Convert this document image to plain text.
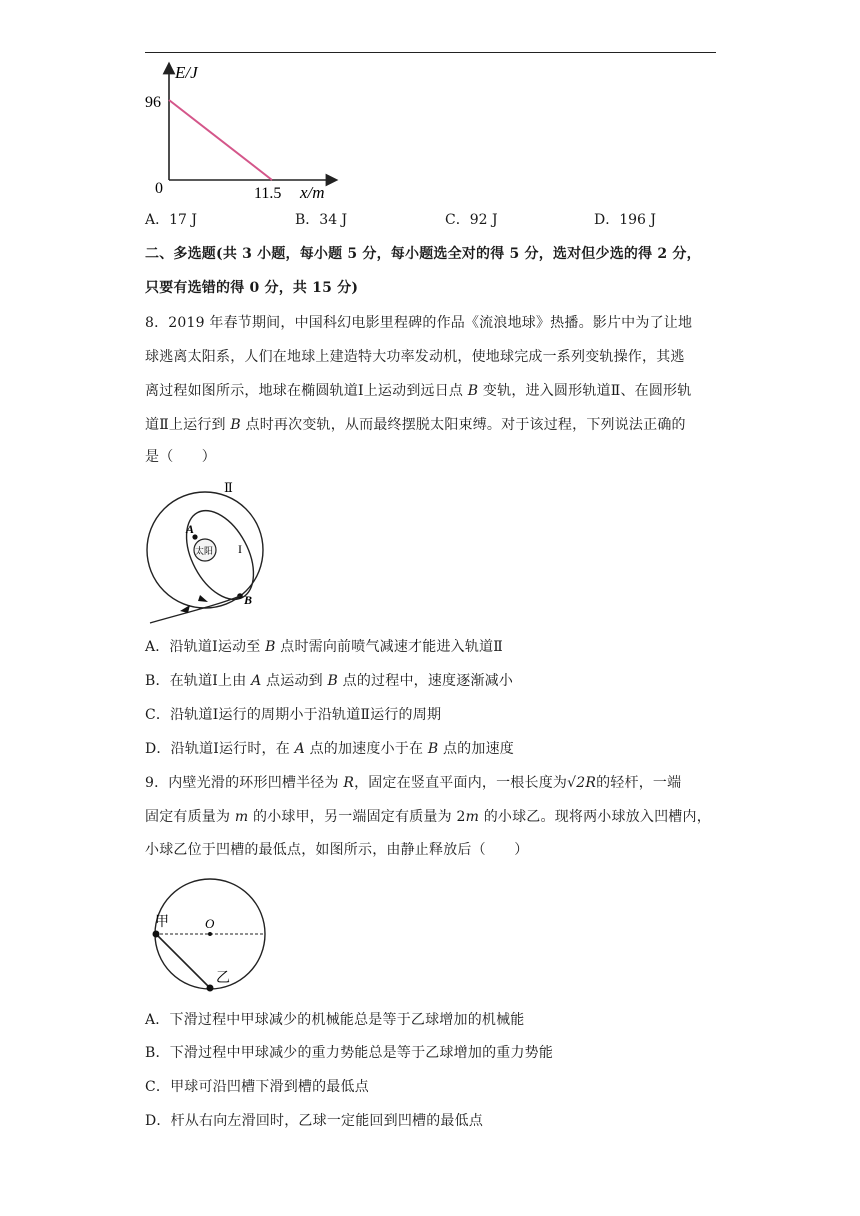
E/J
96
0	11.5 x/m
A．17 J	B．34 J	C．92 J	D．196 J
二、多选题(共 3 小题，每小题 5 分，每小题选全对的得 5 分，选对但少选的得 2 分，
只要有选错的得 0 分，共 15 分)
8．2019 年春节期间，中国科幻电影里程碑的作品《流浪地球》热播。影片中为了让地
球逃离太阳系，人们在地球上建造特大功率发动机，使地球完成一系列变轨操作，其逃
离过程如图所示，地球在椭圆轨道Ⅰ上运动到远日点 B 变轨，进入圆形轨道Ⅱ、在圆形轨
道Ⅱ上运行到 B 点时再次变轨，从而最终摆脱太阳束缚。对于该过程，下列说法正确的
是（　　）
太阳
Ⅱ
I
A
B
A．沿轨道Ⅰ运动至 B 点时需向前喷气减速才能进入轨道Ⅱ
B．在轨道Ⅰ上由 A 点运动到 B 点的过程中，速度逐渐减小
C．沿轨道Ⅰ运行的周期小于沿轨道Ⅱ运行的周期
D．沿轨道Ⅰ运行时，在 A 点的加速度小于在 B 点的加速度
9．内壁光滑的环形凹槽半径为 R，固定在竖直平面内，一根长度为√2R的轻杆，一端
固定有质量为 m 的小球甲，另一端固定有质量为 2m 的小球乙。现将两小球放入凹槽内，
小球乙位于凹槽的最低点，如图所示，由静止释放后（　　）
甲	O
乙
A．下滑过程中甲球减少的机械能总是等于乙球增加的机械能
B．下滑过程中甲球减少的重力势能总是等于乙球增加的重力势能
C．甲球可沿凹槽下滑到槽的最低点
D．杆从右向左滑回时，乙球一定能回到凹槽的最低点
